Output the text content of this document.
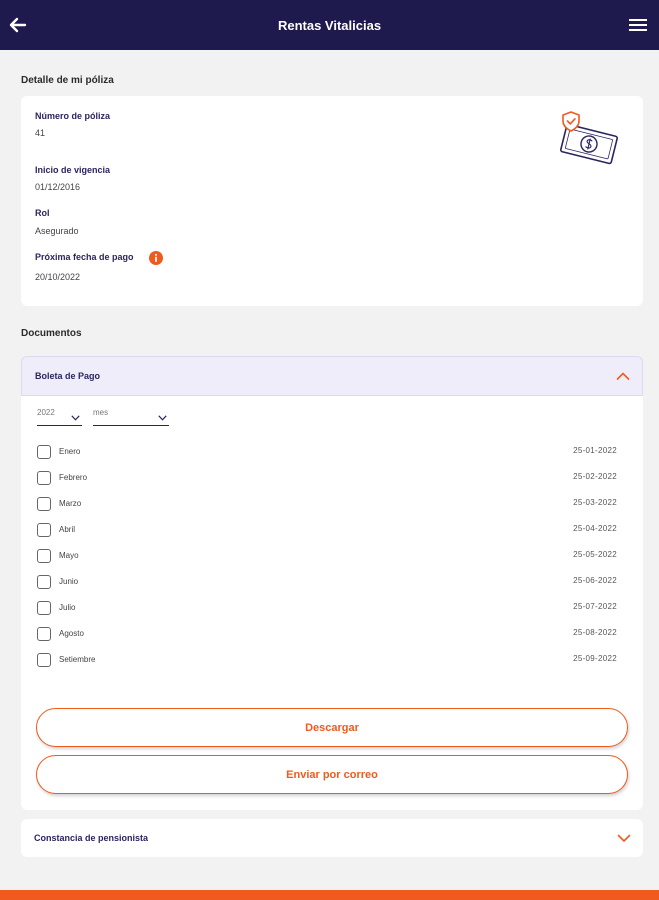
Rentas Vitalicias
Detalle de mi póliza
Número de póliza
41
Inicio de vigencia
01/12/2016
Rol
Asegurado
Próxima fecha de pago
20/10/2022
Documentos
Boleta de Pago
2022	mes
Enero	25-01-2022
Febrero	25-02-2022
Marzo	25-03-2022
Abril	25-04-2022
Mayo	25-05-2022
Junio	25-06-2022
Julio	25-07-2022
Agosto	25-08-2022
Setiembre	25-09-2022
Descargar
Enviar por correo
Constancia de pensionista
